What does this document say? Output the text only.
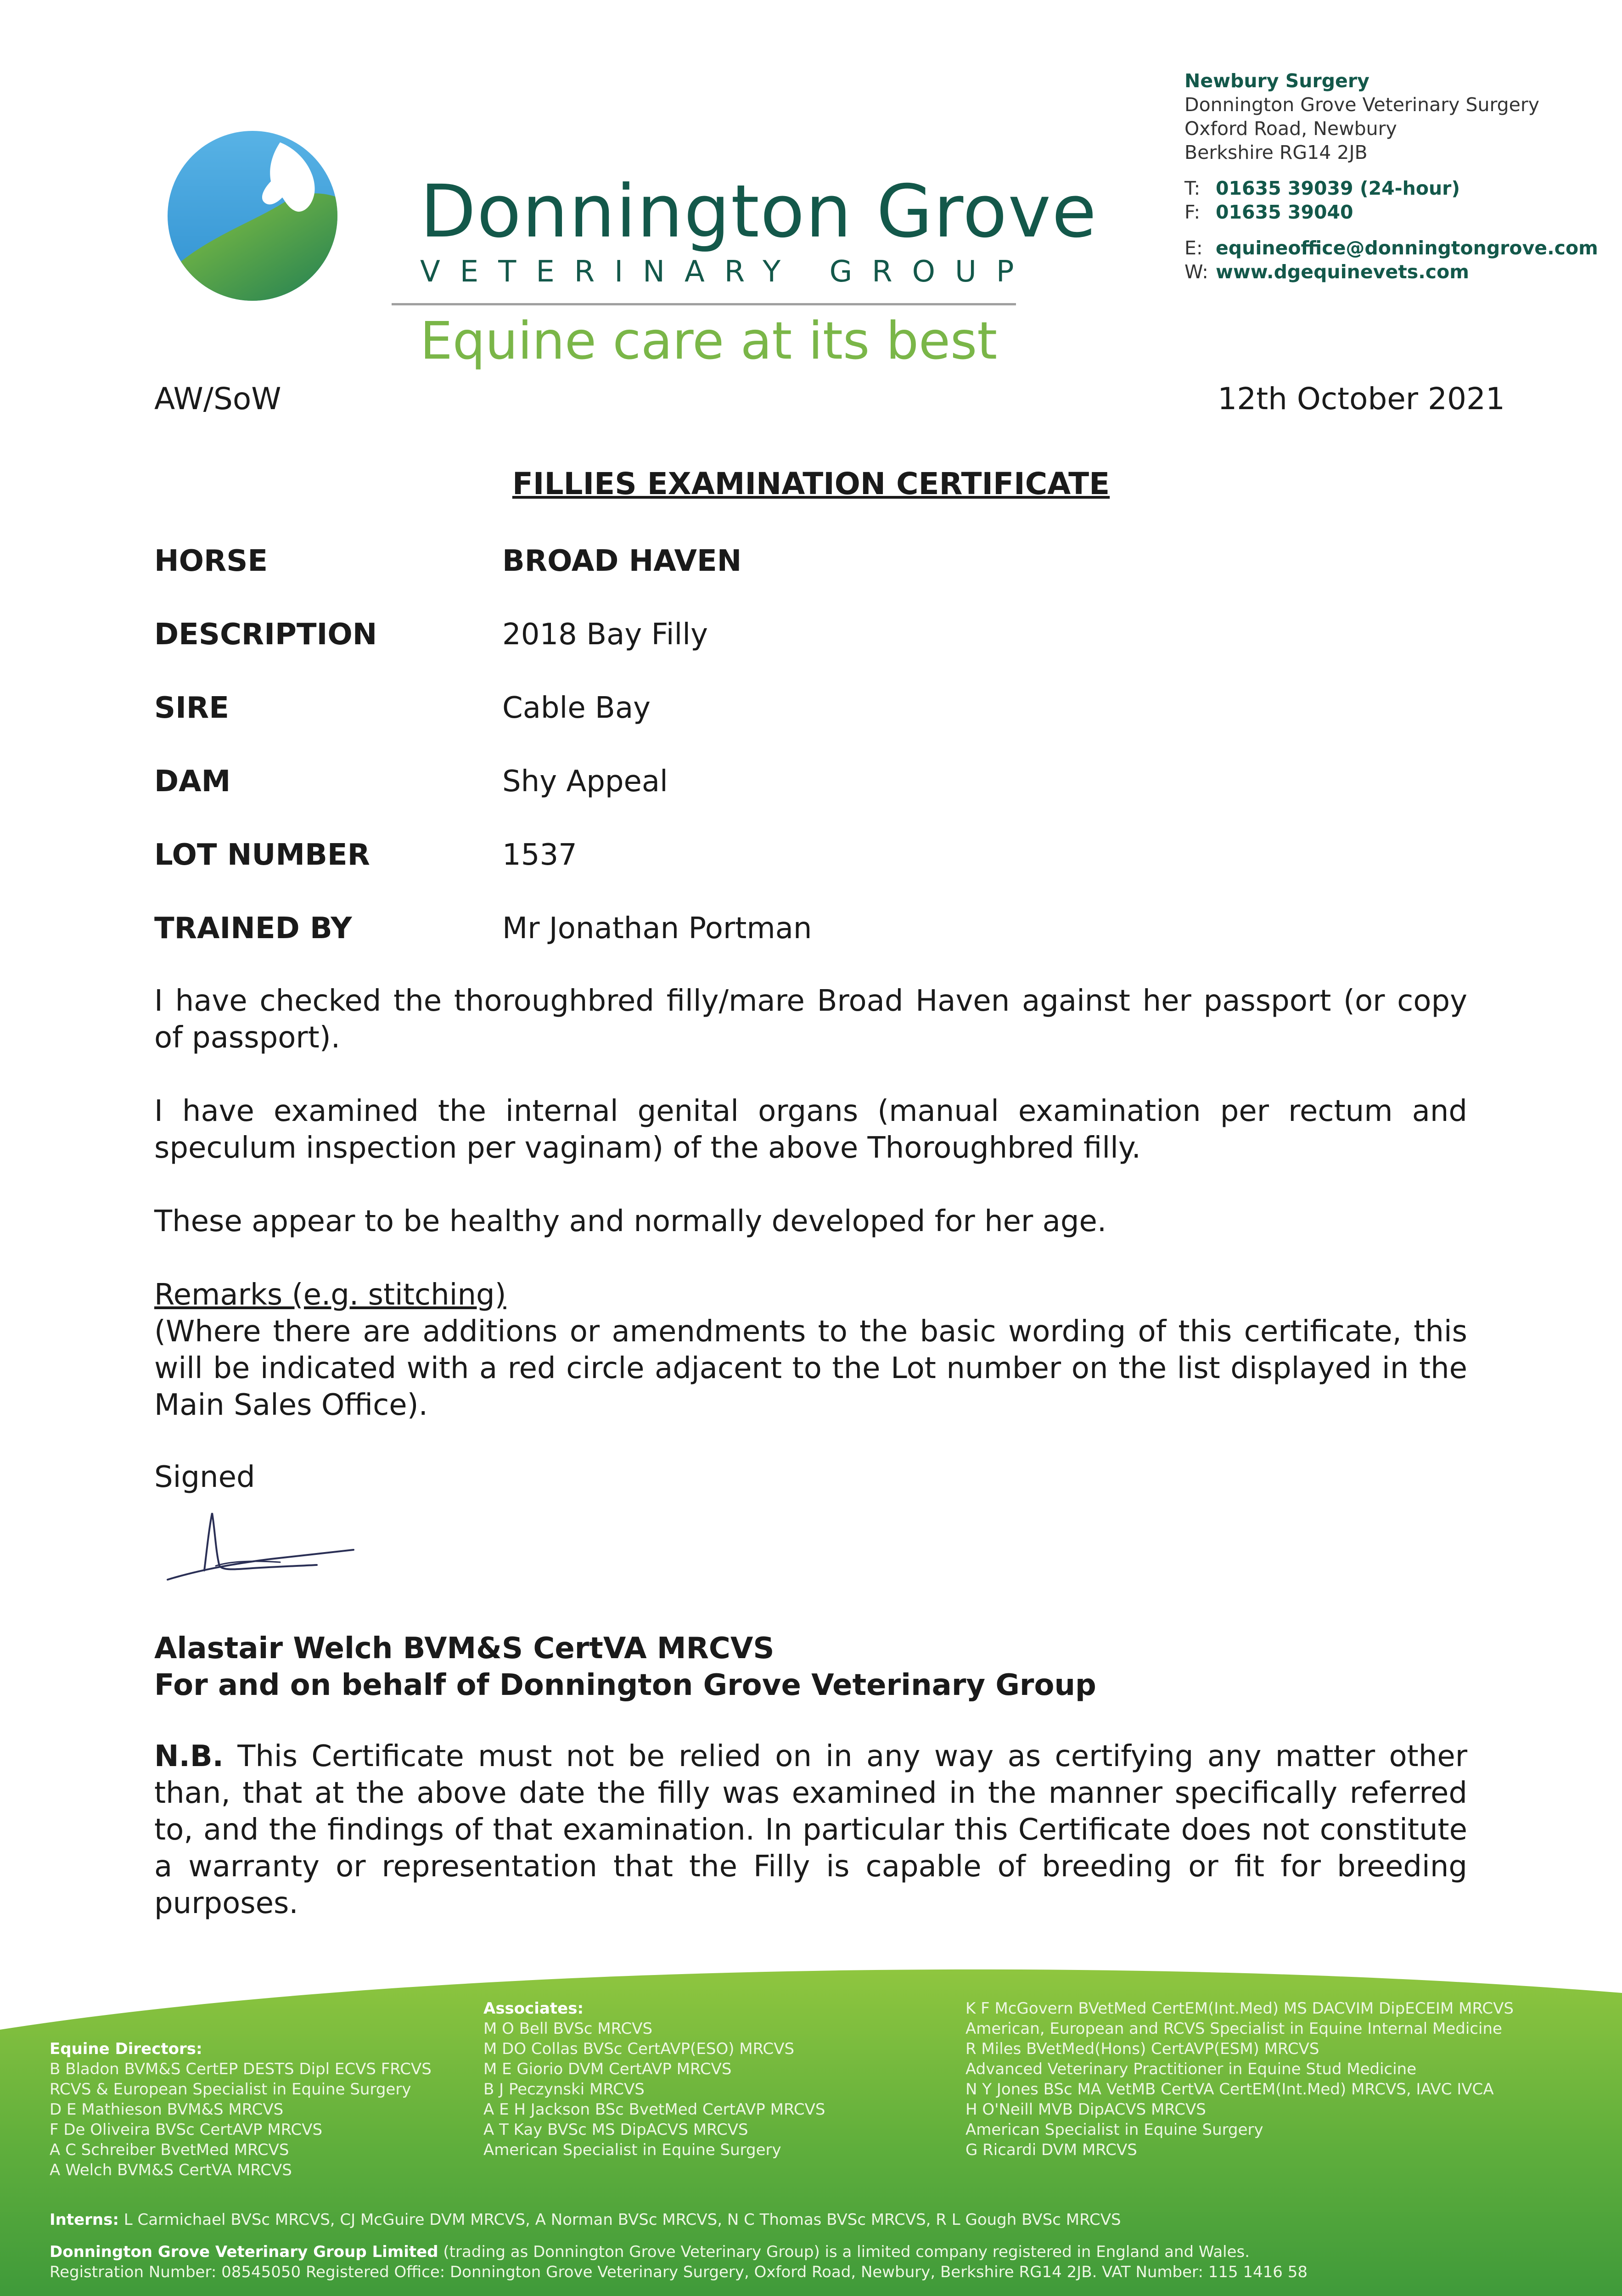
Donnington Grove
VETERINARY GROUP
Equine care at its best
Newbury Surgery
Donnington Grove Veterinary Surgery
Oxford Road, Newbury
Berkshire RG14 2JB
T: 01635 39039 (24-hour)
F: 01635 39040
E: equineoffice@donningtongrove.com
W: www.dgequinevets.com
AW/SoW	12th October 2021
FILLIES EXAMINATION CERTIFICATE
HORSE	BROAD HAVEN
DESCRIPTION	2018 Bay Filly
SIRE	Cable Bay
DAM	Shy Appeal
LOT NUMBER	1537
TRAINED BY	Mr Jonathan Portman
I have checked the thoroughbred filly/mare Broad Haven against her passport (or copy of passport).
I have examined the internal genital organs (manual examination per rectum and speculum inspection per vaginam) of the above Thoroughbred filly.
These appear to be healthy and normally developed for her age.
Remarks (e.g. stitching)
(Where there are additions or amendments to the basic wording of this certificate, this will be indicated with a red circle adjacent to the Lot number on the list displayed in the Main Sales Office).
Signed
Alastair Welch BVM&S CertVA MRCVS
For and on behalf of Donnington Grove Veterinary Group
N.B. This Certificate must not be relied on in any way as certifying any matter other than, that at the above date the filly was examined in the manner specifically referred to, and the findings of that examination. In particular this Certificate does not constitute a warranty or representation that the Filly is capable of breeding or fit for breeding purposes.
Equine Directors:
B Bladon BVM&S CertEP DESTS Dipl ECVS FRCVS
RCVS & European Specialist in Equine Surgery
D E Mathieson BVM&S MRCVS
F De Oliveira BVSc CertAVP MRCVS
A C Schreiber BvetMed MRCVS
A Welch BVM&S CertVA MRCVS
Associates:
M O Bell BVSc MRCVS
M DO Collas BVSc CertAVP(ESO) MRCVS
M E Giorio DVM CertAVP MRCVS
B J Peczynski MRCVS
A E H Jackson BSc BvetMed CertAVP MRCVS
A T Kay BVSc MS DipACVS MRCVS
American Specialist in Equine Surgery
K F McGovern BVetMed CertEM(Int.Med) MS DACVIM DipECEIM MRCVS
American, European and RCVS Specialist in Equine Internal Medicine
R Miles BVetMed(Hons) CertAVP(ESM) MRCVS
Advanced Veterinary Practitioner in Equine Stud Medicine
N Y Jones BSc MA VetMB CertVA CertEM(Int.Med) MRCVS, IAVC IVCA
H O'Neill MVB DipACVS MRCVS
American Specialist in Equine Surgery
G Ricardi DVM MRCVS
Interns: L Carmichael BVSc MRCVS, CJ McGuire DVM MRCVS, A Norman BVSc MRCVS, N C Thomas BVSc MRCVS, R L Gough BVSc MRCVS
Donnington Grove Veterinary Group Limited (trading as Donnington Grove Veterinary Group) is a limited company registered in England and Wales.
Registration Number: 08545050 Registered Office: Donnington Grove Veterinary Surgery, Oxford Road, Newbury, Berkshire RG14 2JB. VAT Number: 115 1416 58
